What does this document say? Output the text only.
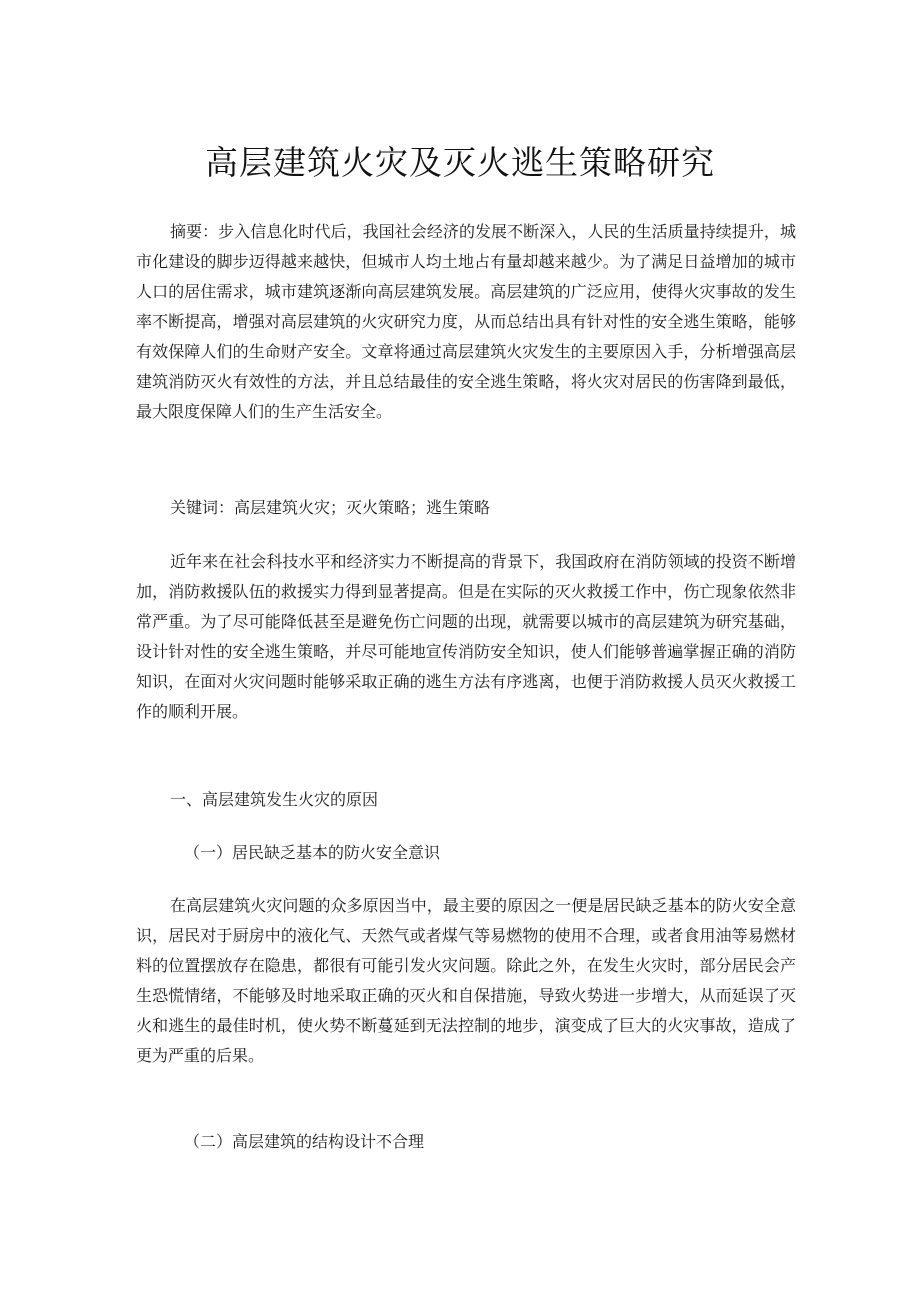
高层建筑火灾及灭火逃生策略研究

摘要：步入信息化时代后，我国社会经济的发展不断深入，人民的生活质量持续提升，城市化建设的脚步迈得越来越快，但城市人均土地占有量却越来越少。为了满足日益增加的城市人口的居住需求，城市建筑逐渐向高层建筑发展。高层建筑的广泛应用，使得火灾事故的发生率不断提高，增强对高层建筑的火灾研究力度，从而总结出具有针对性的安全逃生策略，能够有效保障人们的生命财产安全。文章将通过高层建筑火灾发生的主要原因入手，分析增强高层建筑消防灭火有效性的方法，并且总结最佳的安全逃生策略，将火灾对居民的伤害降到最低，最大限度保障人们的生产生活安全。

关键词：高层建筑火灾；灭火策略；逃生策略

近年来在社会科技水平和经济实力不断提高的背景下，我国政府在消防领域的投资不断增加，消防救援队伍的救援实力得到显著提高。但是在实际的灭火救援工作中，伤亡现象依然非常严重。为了尽可能降低甚至是避免伤亡问题的出现，就需要以城市的高层建筑为研究基础，设计针对性的安全逃生策略，并尽可能地宣传消防安全知识，使人们能够普遍掌握正确的消防知识，在面对火灾问题时能够采取正确的逃生方法有序逃离，也便于消防救援人员灭火救援工作的顺利开展。

一、高层建筑发生火灾的原因

（一）居民缺乏基本的防火安全意识

在高层建筑火灾问题的众多原因当中，最主要的原因之一便是居民缺乏基本的防火安全意识，居民对于厨房中的液化气、天然气或者煤气等易燃物的使用不合理，或者食用油等易燃材料的位置摆放存在隐患，都很有可能引发火灾问题。除此之外，在发生火灾时，部分居民会产生恐慌情绪，不能够及时地采取正确的灭火和自保措施，导致火势进一步增大，从而延误了灭火和逃生的最佳时机，使火势不断蔓延到无法控制的地步，演变成了巨大的火灾事故，造成了更为严重的后果。

（二）高层建筑的结构设计不合理
